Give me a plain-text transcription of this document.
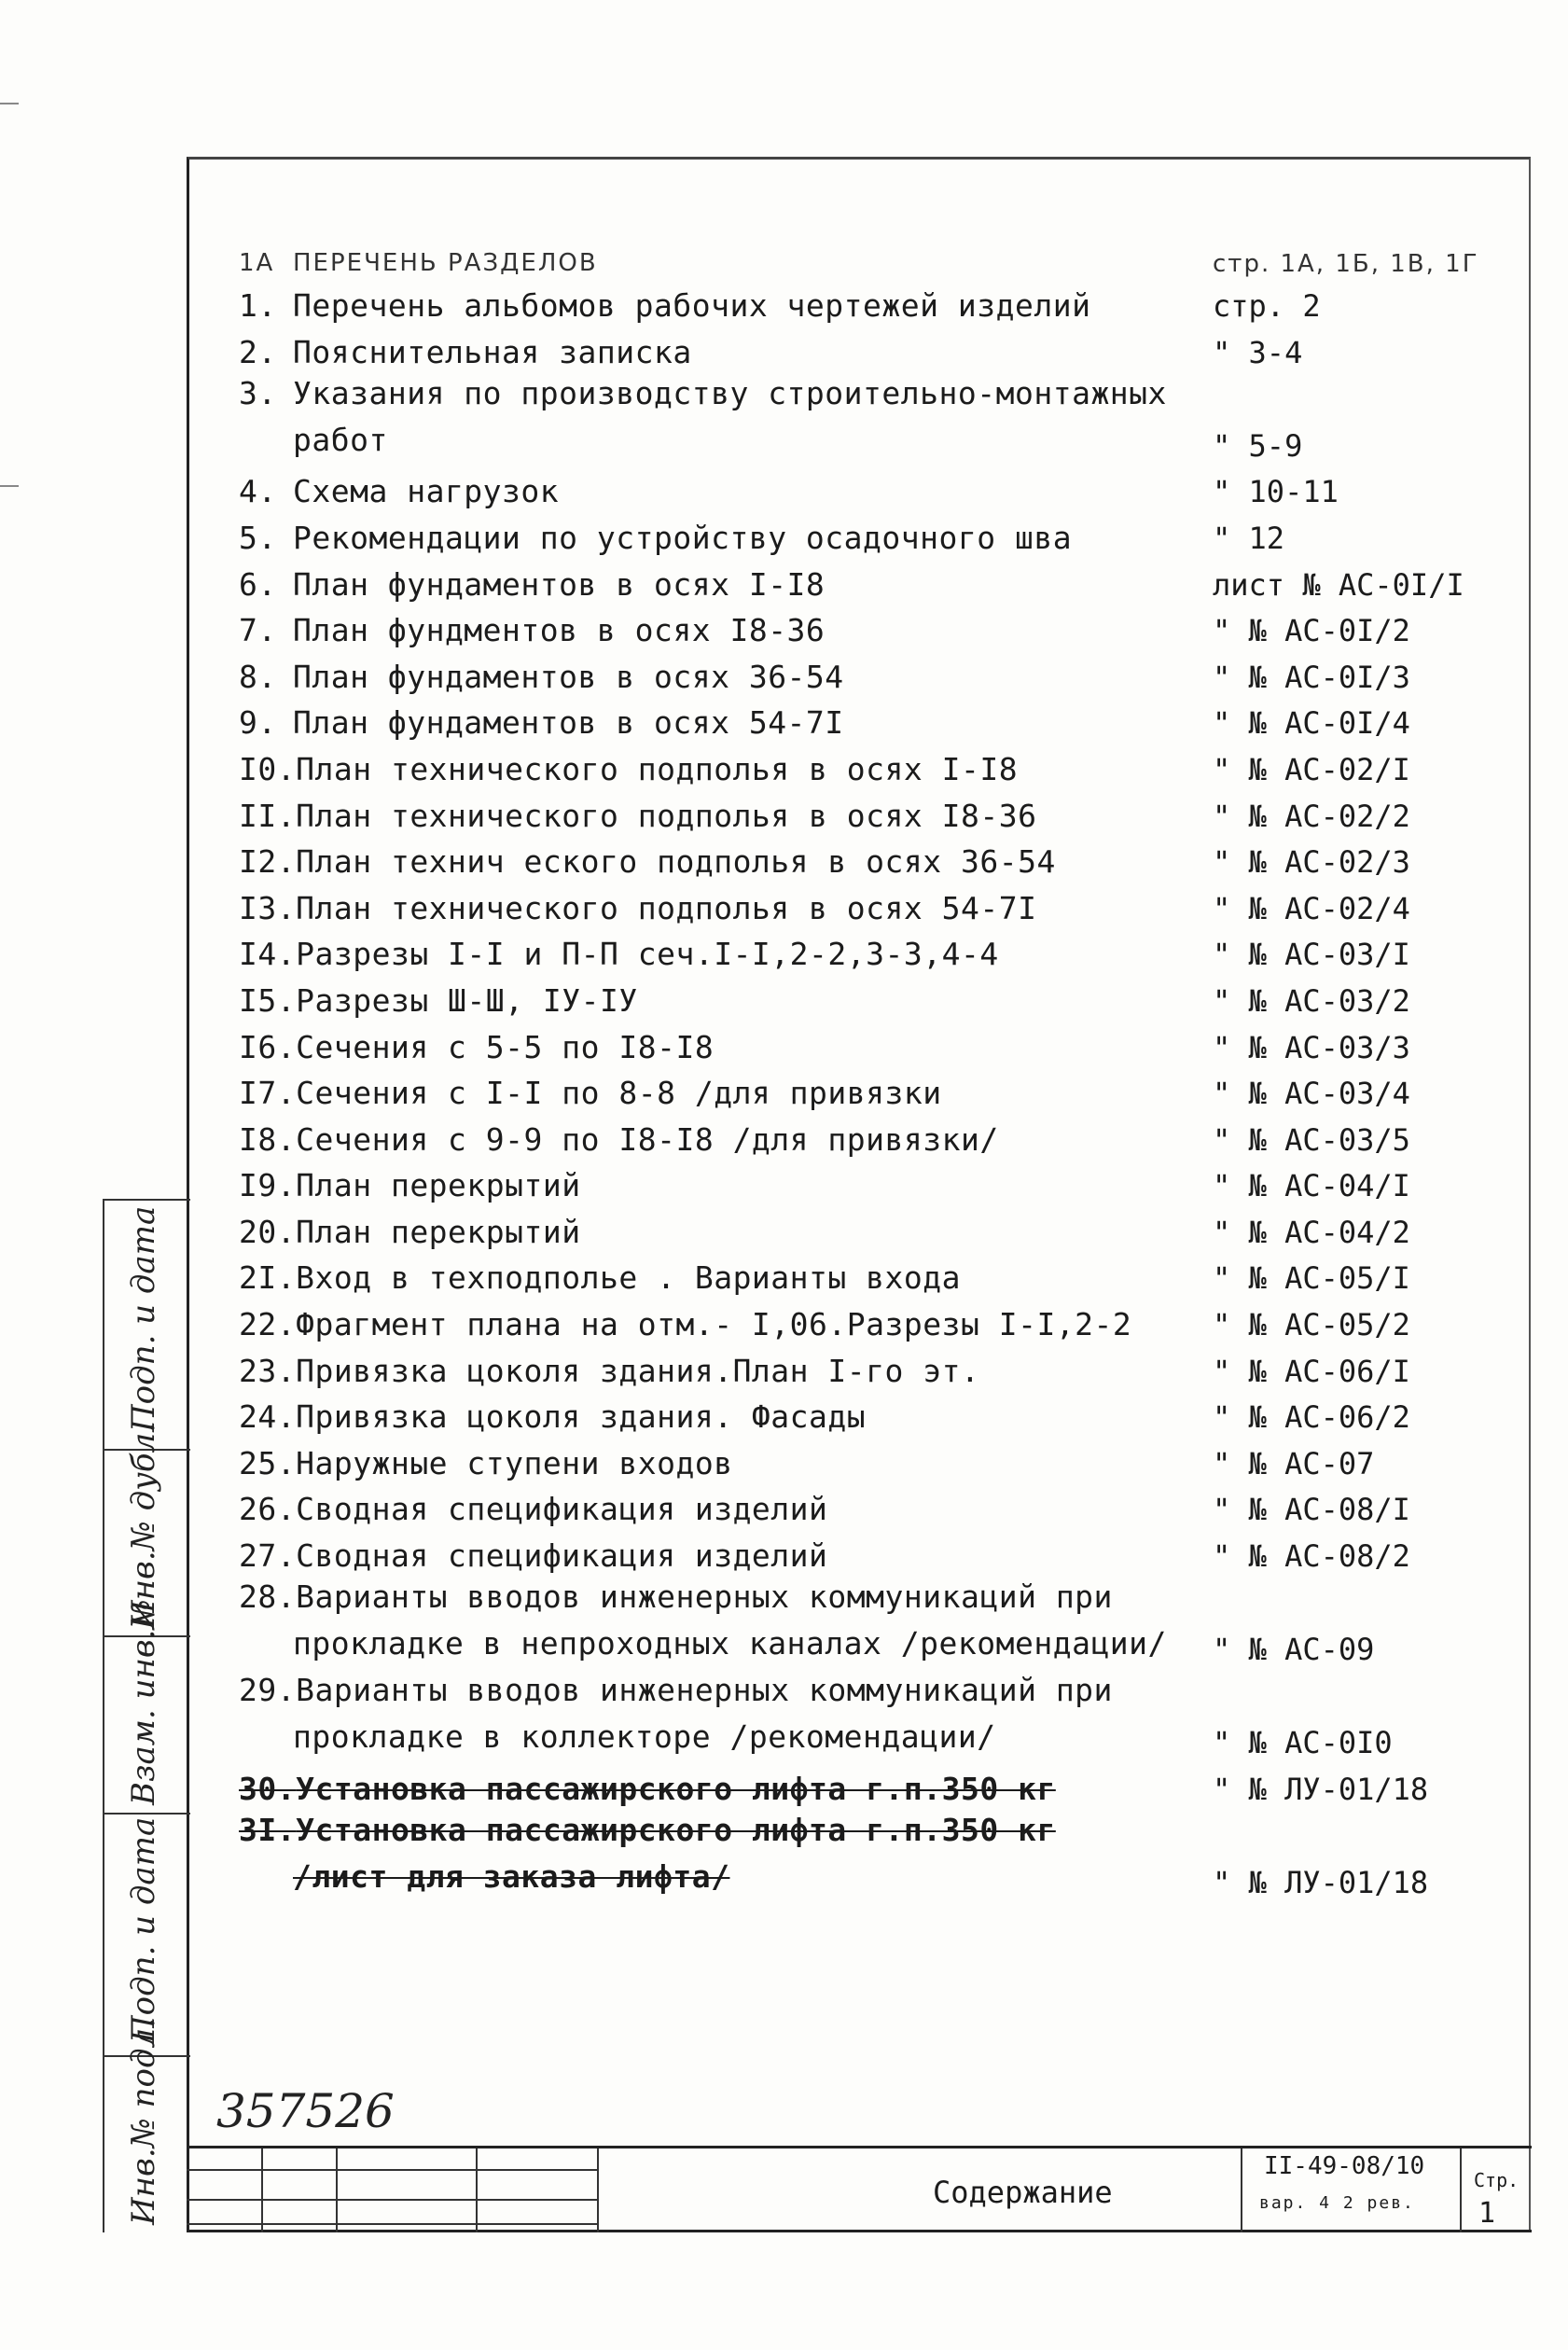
1А ПЕРЕЧЕНЬ РАЗДЕЛОВ	стр. 1А, 1Б, 1В, 1Г
1. Перечень альбомов рабочих чертежей изделий	стр. 2
2. Пояснительная записка	" 3-4
3. Указания по производству строительно-монтажных
работ	" 5-9
4. Схема нагрузок	" 10-11
5. Рекомендации по устройству осадочного шва	" 12
6. План фундаментов в осях I-I8	лист № АС-0I/I
7. План фундментов в осях I8-36	" № АС-0I/2
8. План фундаментов в осях 36-54	" № АС-0I/3
9. План фундаментов в осях 54-7I	" № АС-0I/4
I0.План технического подполья в осях I-I8	" № АС-02/I
II.План технического подполья в осях I8-36	" № АС-02/2
I2.План технич еского подполья в осях 36-54	" № АС-02/3
I3.План технического подполья в осях 54-7I	" № АС-02/4
I4.Разрезы I-I и П-П сеч.I-I,2-2,3-3,4-4	" № АС-03/I
I5.Разрезы Ш-Ш, IУ-IУ	" № АС-03/2
I6.Сечения с 5-5 по I8-I8	" № АС-03/3
I7.Сечения с I-I по 8-8 /для привязки	" № АС-03/4
I8.Сечения с 9-9 по I8-I8 /для привязки/	" № АС-03/5
I9.План перекрытий	" № АС-04/I
20.План перекрытий	" № АС-04/2
2I.Вход в техподполье . Варианты входа	" № АС-05/I
22.Фрагмент плана на отм.- I,06.Разрезы I-I,2-2	" № АС-05/2
23.Привязка цоколя здания.План I-го эт.	" № АС-06/I
24.Привязка цоколя здания. Фасады	" № АС-06/2
25.Наружные ступени входов	" № АС-07
26.Сводная спецификация изделий	" № АС-08/I
27.Сводная спецификация изделий	" № АС-08/2
28.Варианты вводов инженерных коммуникаций при
прокладке в непроходных каналах /рекомендации/	" № АС-09
29.Варианты вводов инженерных коммуникаций при
прокладке в коллекторе /рекомендации/	" № АС-0I0
30.Установка пассажирского лифта г.п.350 кг	" № ЛУ-01/18
3I.Установка пассажирского лифта г.п.350 кг
/лист для заказа лифта/	" № ЛУ-01/18
Подп. и дата
Инв.№ дубл.
Взам. инв.№
Подп. и дата
Инв.№ подл. 357526
Содержание
II-49-08/10
вар. 4 2 рев.
Стр.
1
